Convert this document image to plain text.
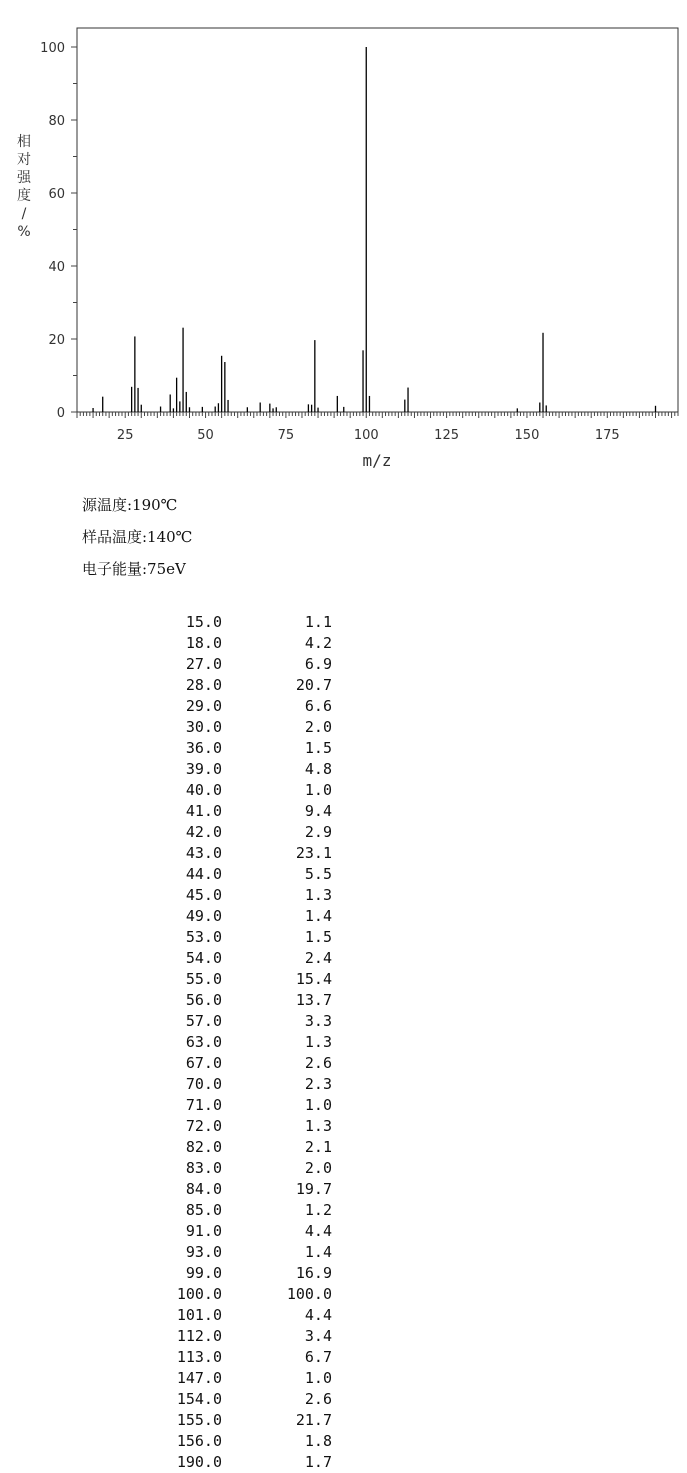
0
20
40
60
80
100
25	50	75	100	125	150	175
m/z
相
对
强
度
/
%
源温度:190℃
样品温度:140℃
电子能量:75eV
15.0	1.1
18.0	4.2
27.0	6.9
28.0	20.7
29.0	6.6
30.0	2.0
36.0	1.5
39.0	4.8
40.0	1.0
41.0	9.4
42.0	2.9
43.0	23.1
44.0	5.5
45.0	1.3
49.0	1.4
53.0	1.5
54.0	2.4
55.0	15.4
56.0	13.7
57.0	3.3
63.0	1.3
67.0	2.6
70.0	2.3
71.0	1.0
72.0	1.3
82.0	2.1
83.0	2.0
84.0	19.7
85.0	1.2
91.0	4.4
93.0	1.4
99.0	16.9
100.0	100.0
101.0	4.4
112.0	3.4
113.0	6.7
147.0	1.0
154.0	2.6
155.0	21.7
156.0	1.8
190.0	1.7
